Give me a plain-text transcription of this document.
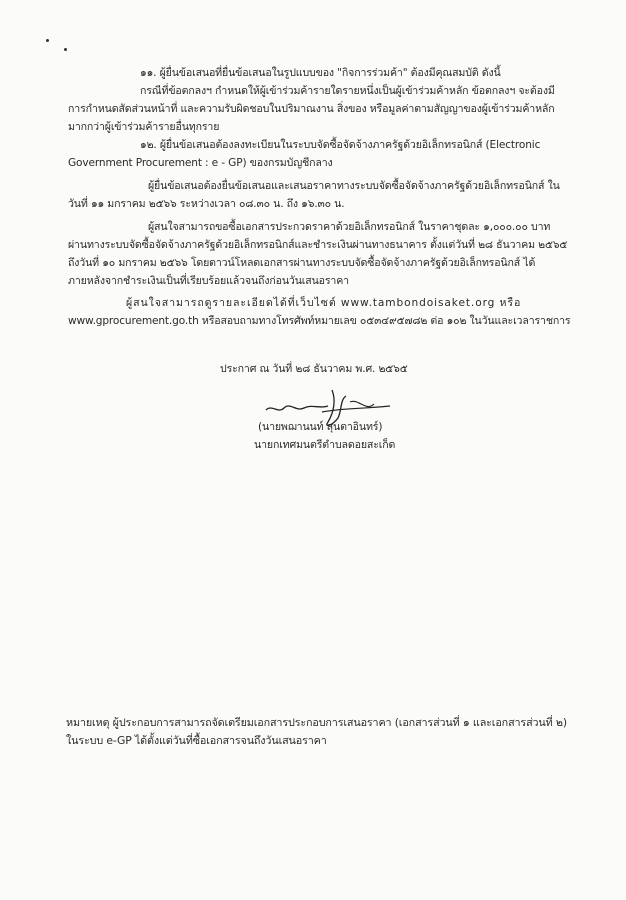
๑๑. ผู้ยื่นข้อเสนอที่ยื่นข้อเสนอในรูปแบบของ "กิจการร่วมค้า" ต้องมีคุณสมบัติ ดังนี้
กรณีที่ข้อตกลงฯ กำหนดให้ผู้เข้าร่วมค้ารายใดรายหนึ่งเป็นผู้เข้าร่วมค้าหลัก ข้อตกลงฯ จะต้องมี
การกำหนดสัดส่วนหน้าที่ และความรับผิดชอบในปริมาณงาน สิ่งของ หรือมูลค่าตามสัญญาของผู้เข้าร่วมค้าหลัก
มากกว่าผู้เข้าร่วมค้ารายอื่นทุกราย
๑๒. ผู้ยื่นข้อเสนอต้องลงทะเบียนในระบบจัดซื้อจัดจ้างภาครัฐด้วยอิเล็กทรอนิกส์ (Electronic
Government Procurement : e - GP) ของกรมบัญชีกลาง
ผู้ยื่นข้อเสนอต้องยื่นข้อเสนอและเสนอราคาทางระบบจัดซื้อจัดจ้างภาครัฐด้วยอิเล็กทรอนิกส์ ใน
วันที่ ๑๑ มกราคม ๒๕๖๖ ระหว่างเวลา ๐๘.๓๐ น. ถึง ๑๖.๓๐ น.
ผู้สนใจสามารถขอซื้อเอกสารประกวดราคาด้วยอิเล็กทรอนิกส์ ในราคาชุดละ ๑,๐๐๐.๐๐ บาท
ผ่านทางระบบจัดซื้อจัดจ้างภาครัฐด้วยอิเล็กทรอนิกส์และชำระเงินผ่านทางธนาคาร ตั้งแต่วันที่ ๒๘ ธันวาคม ๒๕๖๕
ถึงวันที่ ๑๐ มกราคม ๒๕๖๖ โดยดาวน์โหลดเอกสารผ่านทางระบบจัดซื้อจัดจ้างภาครัฐด้วยอิเล็กทรอนิกส์ ได้
ภายหลังจากชำระเงินเป็นที่เรียบร้อยแล้วจนถึงก่อนวันเสนอราคา
ผู้สนใจสามารถดูรายละเอียดได้ที่เว็บไซต์ www.tambondoisaket.org หรือ
www.gprocurement.go.th หรือสอบถามทางโทรศัพท์หมายเลข ๐๕๓๔๙๕๗๘๒ ต่อ ๑๐๒ ในวันและเวลาราชการ
ประกาศ ณ วันที่ ๒๘ ธันวาคม พ.ศ. ๒๕๖๕
(นายพฌานนท์ สุนตาอินทร์)
นายกเทศมนตรีตำบลดอยสะเก็ด
หมายเหตุ ผู้ประกอบการสามารถจัดเตรียมเอกสารประกอบการเสนอราคา (เอกสารส่วนที่ ๑ และเอกสารส่วนที่ ๒)
ในระบบ e-GP ได้ตั้งแต่วันที่ซื้อเอกสารจนถึงวันเสนอราคา
